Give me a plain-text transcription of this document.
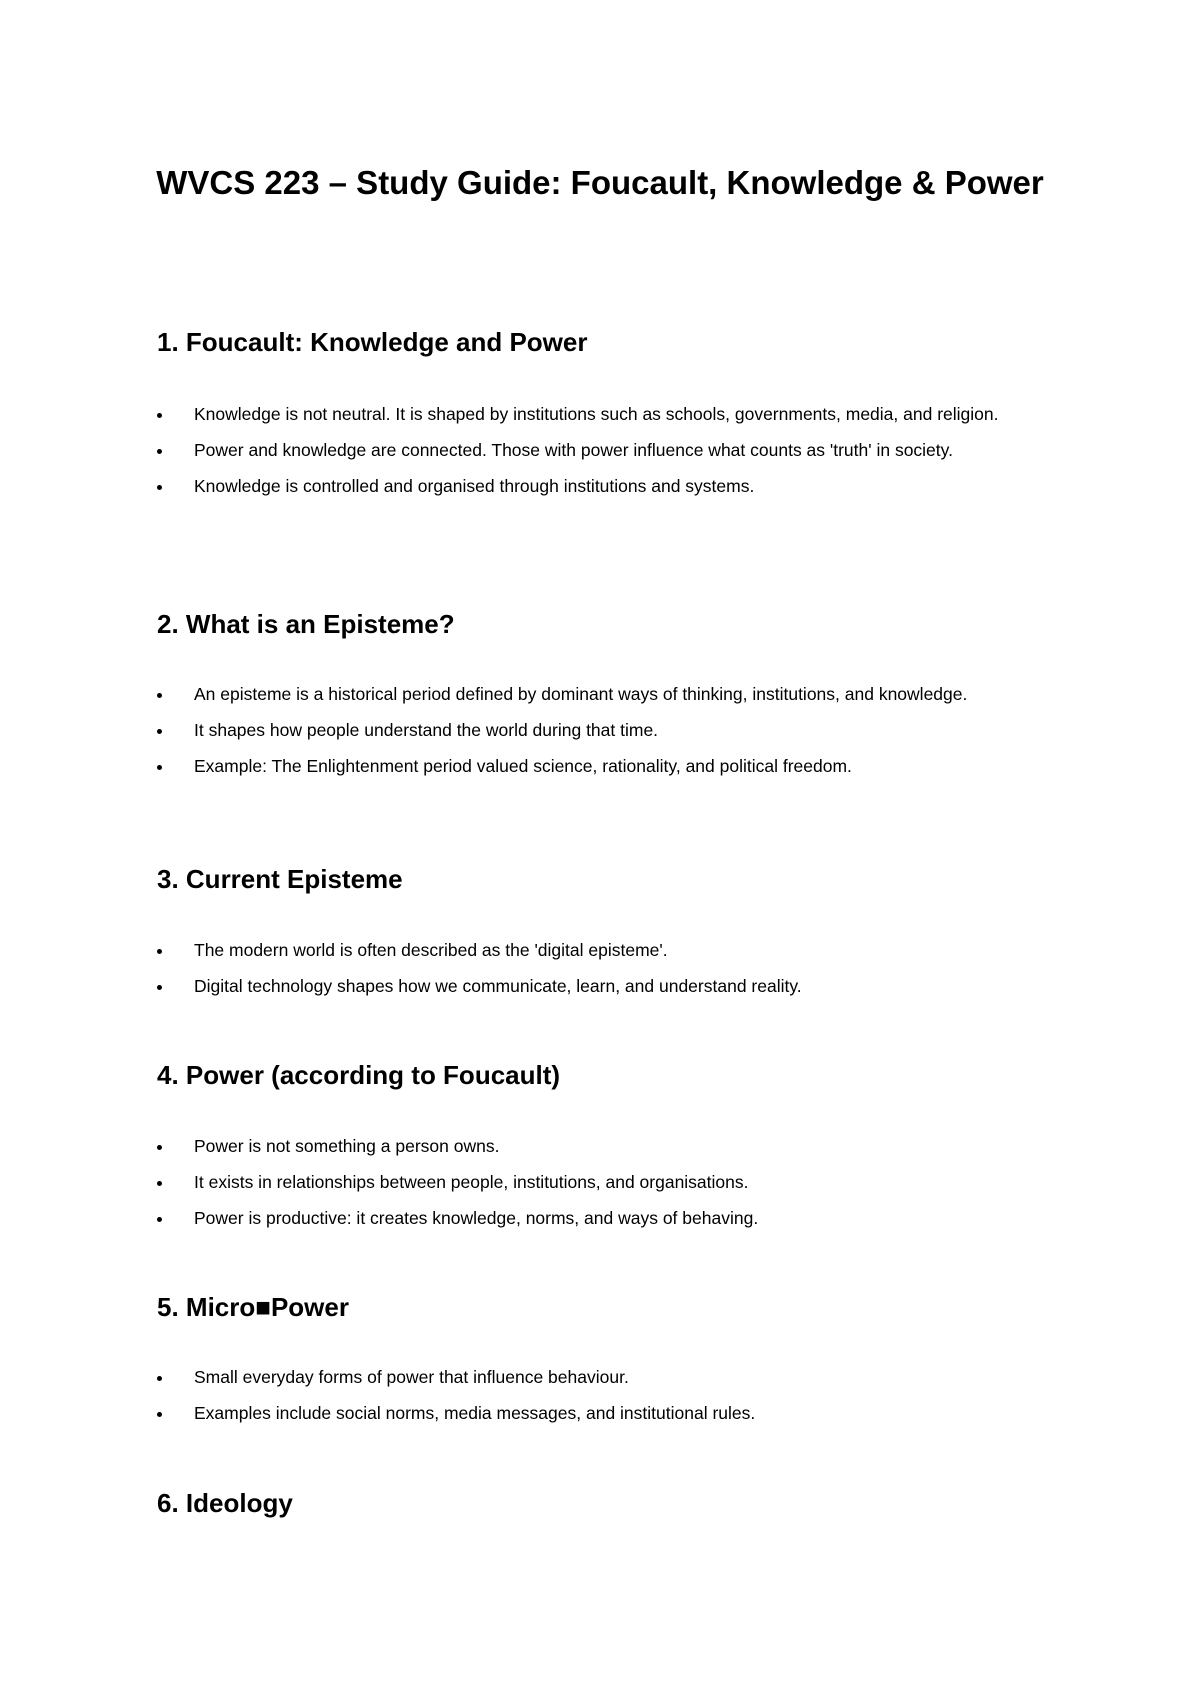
WVCS 223 – Study Guide: Foucault, Knowledge & Power
1. Foucault: Knowledge and Power
Knowledge is not neutral. It is shaped by institutions such as schools, governments, media, and religion.
Power and knowledge are connected. Those with power influence what counts as 'truth' in society.
Knowledge is controlled and organised through institutions and systems.
2. What is an Episteme?
An episteme is a historical period defined by dominant ways of thinking, institutions, and knowledge.
It shapes how people understand the world during that time.
Example: The Enlightenment period valued science, rationality, and political freedom.
3. Current Episteme
The modern world is often described as the 'digital episteme'.
Digital technology shapes how we communicate, learn, and understand reality.
4. Power (according to Foucault)
Power is not something a person owns.
It exists in relationships between people, institutions, and organisations.
Power is productive: it creates knowledge, norms, and ways of behaving.
5. Micro■Power
Small everyday forms of power that influence behaviour.
Examples include social norms, media messages, and institutional rules.
6. Ideology
